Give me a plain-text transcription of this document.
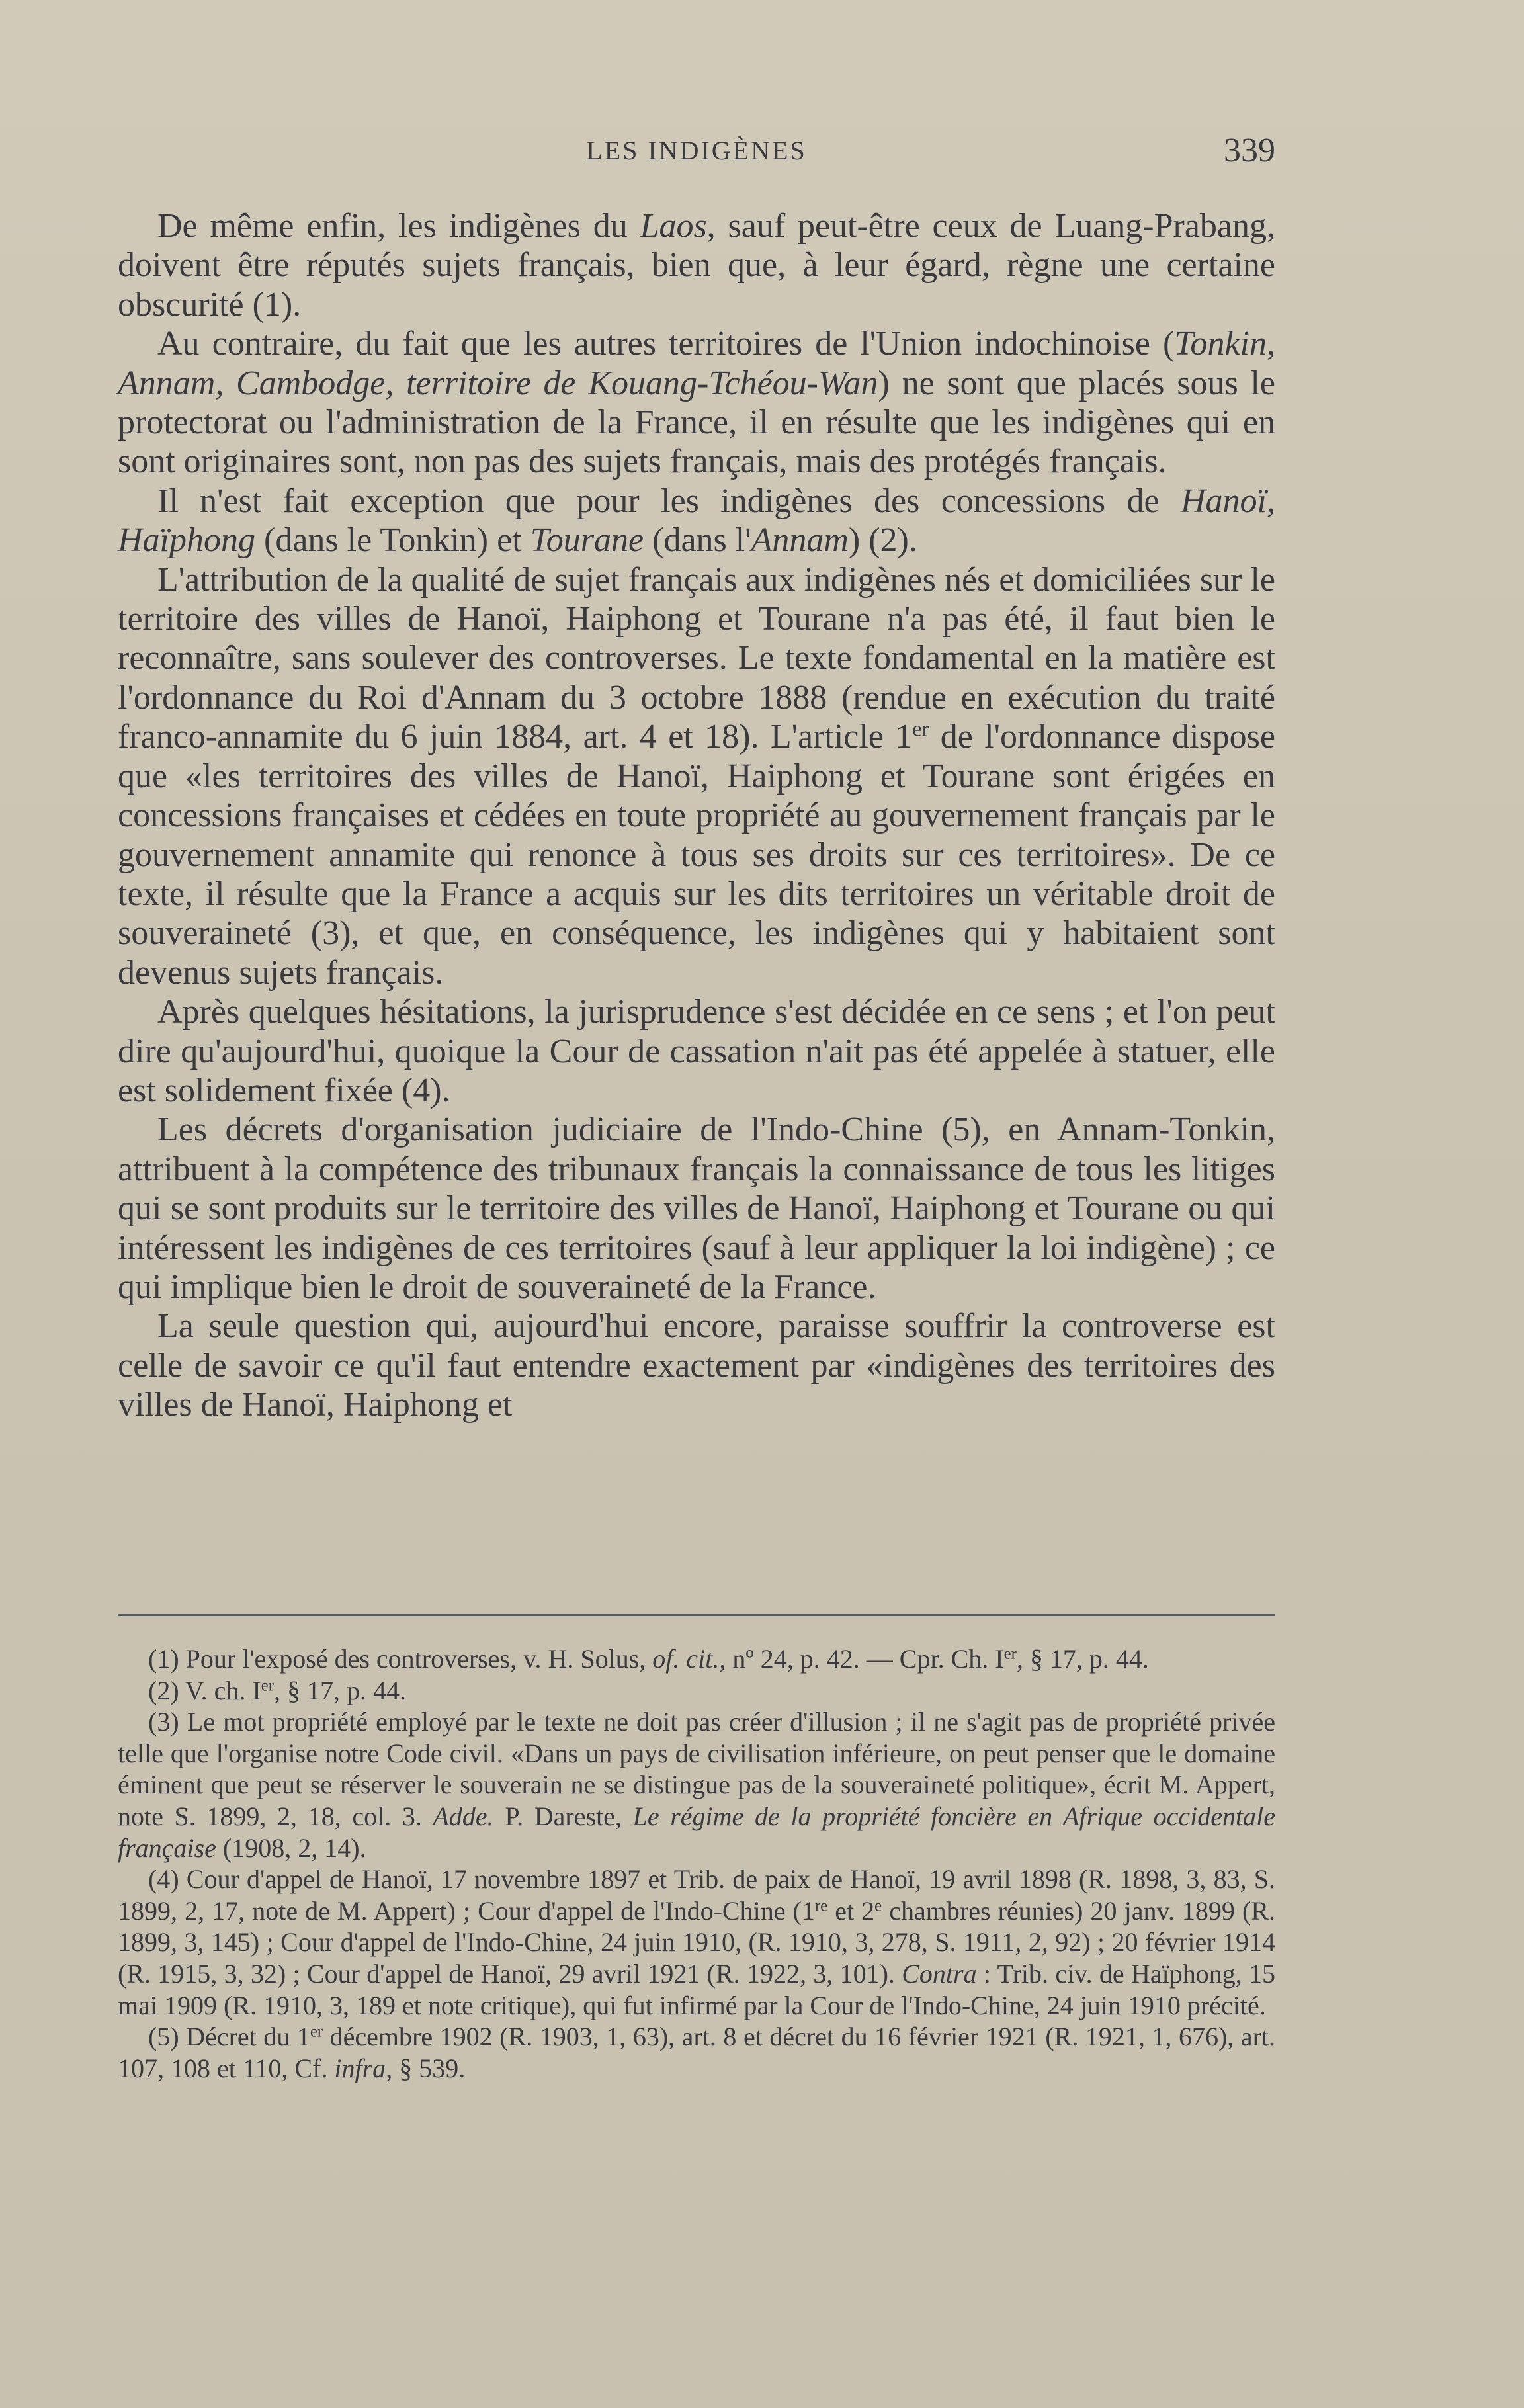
LES INDIGÈNES	339

De même enfin, les indigènes du Laos, sauf peut-être ceux de Luang-Prabang, doivent être réputés sujets français, bien que, à leur égard, règne une certaine obscurité (1).

Au contraire, du fait que les autres territoires de l'Union indochinoise (Tonkin, Annam, Cambodge, territoire de Kouang-Tchéou-Wan) ne sont que placés sous le protectorat ou l'administration de la France, il en résulte que les indigènes qui en sont originaires sont, non pas des sujets français, mais des protégés français.

Il n'est fait exception que pour les indigènes des concessions de Hanoï, Haïphong (dans le Tonkin) et Tourane (dans l'Annam) (2).

L'attribution de la qualité de sujet français aux indigènes nés et domiciliées sur le territoire des villes de Hanoï, Haiphong et Tourane n'a pas été, il faut bien le reconnaître, sans soulever des controverses. Le texte fondamental en la matière est l'ordonnance du Roi d'Annam du 3 octobre 1888 (rendue en exécution du traité franco-annamite du 6 juin 1884, art. 4 et 18). L'article 1er de l'ordonnance dispose que «les territoires des villes de Hanoï, Haiphong et Tourane sont érigées en concessions françaises et cédées en toute propriété au gouvernement français par le gouvernement annamite qui renonce à tous ses droits sur ces territoires». De ce texte, il résulte que la France a acquis sur les dits territoires un véritable droit de souveraineté (3), et que, en conséquence, les indigènes qui y habitaient sont devenus sujets français.

Après quelques hésitations, la jurisprudence s'est décidée en ce sens ; et l'on peut dire qu'aujourd'hui, quoique la Cour de cassation n'ait pas été appelée à statuer, elle est solidement fixée (4).

Les décrets d'organisation judiciaire de l'Indo-Chine (5), en Annam-Tonkin, attribuent à la compétence des tribunaux français la connaissance de tous les litiges qui se sont produits sur le territoire des villes de Hanoï, Haiphong et Tourane ou qui intéressent les indigènes de ces territoires (sauf à leur appliquer la loi indigène) ; ce qui implique bien le droit de souveraineté de la France.

La seule question qui, aujourd'hui encore, paraisse souffrir la controverse est celle de savoir ce qu'il faut entendre exactement par «indigènes des territoires des villes de Hanoï, Haiphong et

(1) Pour l'exposé des controverses, v. H. Solus, of. cit., nº 24, p. 42. — Cpr. Ch. Ier, § 17, p. 44.

(2) V. ch. Ier, § 17, p. 44.

(3) Le mot propriété employé par le texte ne doit pas créer d'illusion ; il ne s'agit pas de propriété privée telle que l'organise notre Code civil. «Dans un pays de civilisation inférieure, on peut penser que le domaine éminent que peut se réserver le souverain ne se distingue pas de la souveraineté politique», écrit M. Appert, note S. 1899, 2, 18, col. 3. Adde. P. Dareste, Le régime de la propriété foncière en Afrique occidentale française (1908, 2, 14).

(4) Cour d'appel de Hanoï, 17 novembre 1897 et Trib. de paix de Hanoï, 19 avril 1898 (R. 1898, 3, 83, S. 1899, 2, 17, note de M. Appert) ; Cour d'appel de l'Indo-Chine (1re et 2e chambres réunies) 20 janv. 1899 (R. 1899, 3, 145) ; Cour d'appel de l'Indo-Chine, 24 juin 1910, (R. 1910, 3, 278, S. 1911, 2, 92) ; 20 février 1914 (R. 1915, 3, 32) ; Cour d'appel de Hanoï, 29 avril 1921 (R. 1922, 3, 101). Contra : Trib. civ. de Haïphong, 15 mai 1909 (R. 1910, 3, 189 et note critique), qui fut infirmé par la Cour de l'Indo-Chine, 24 juin 1910 précité.

(5) Décret du 1er décembre 1902 (R. 1903, 1, 63), art. 8 et décret du 16 février 1921 (R. 1921, 1, 676), art. 107, 108 et 110, Cf. infra, § 539.
